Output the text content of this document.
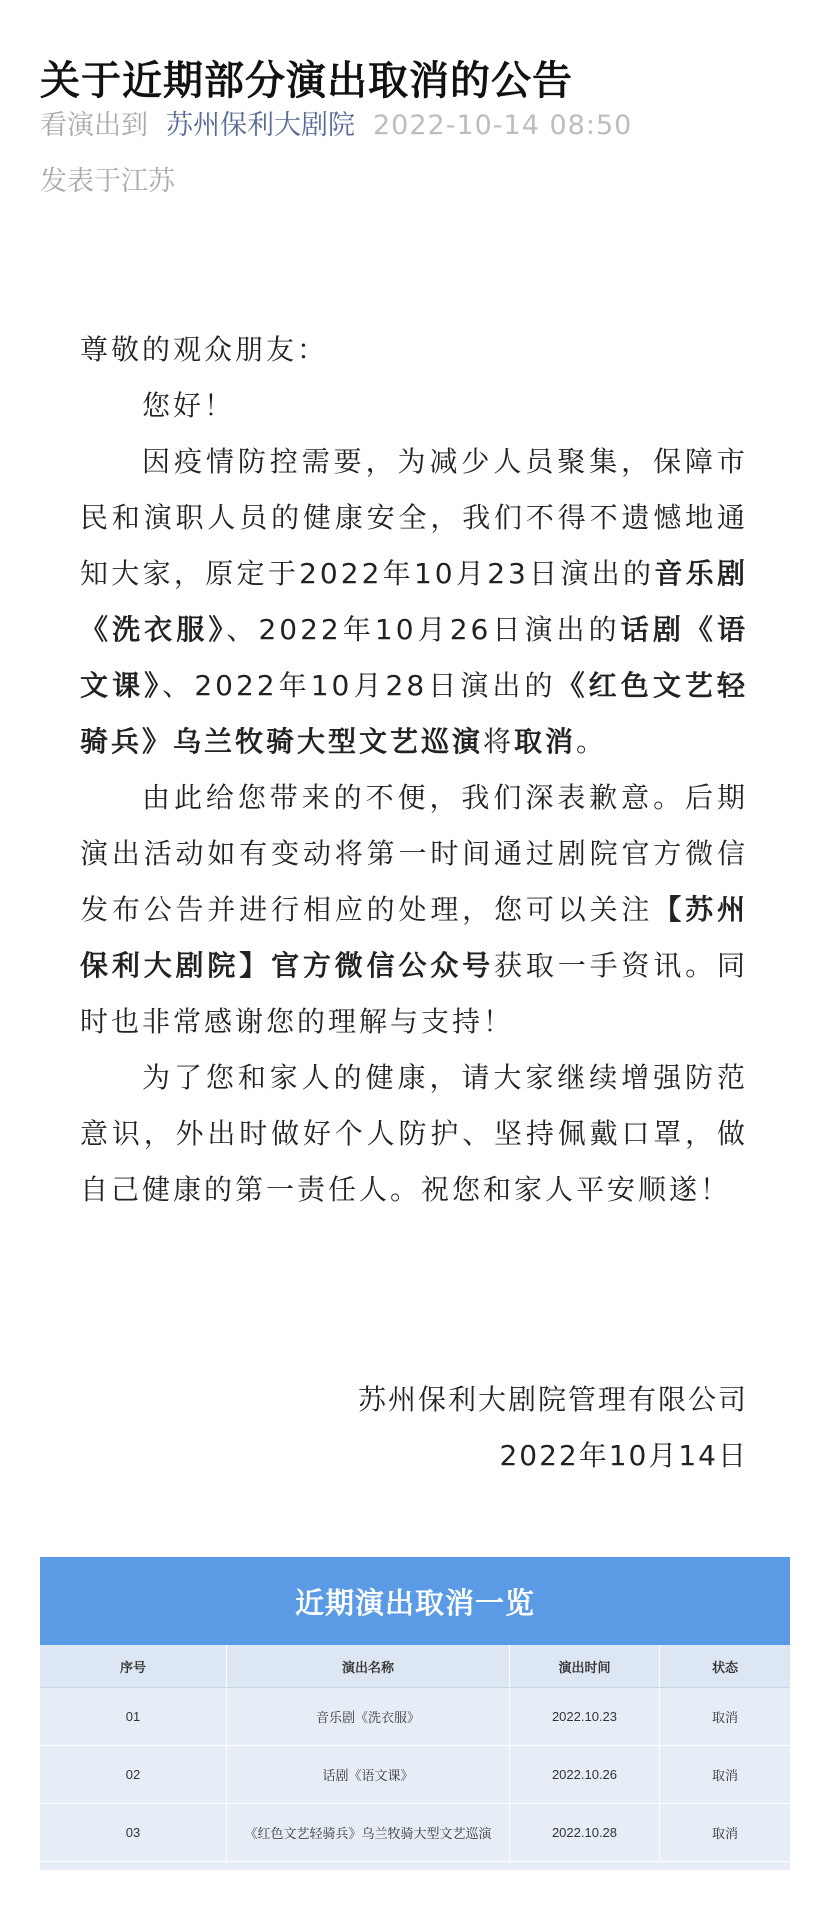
关于近期部分演出取消的公告
看演出到 苏州保利大剧院 2022-10-14 08:50
发表于江苏

尊敬的观众朋友：

您好！

因疫情防控需要，为减少人员聚集，保障市民和演职人员的健康安全，我们不得不遗憾地通知大家，原定于2022年10月23日演出的音乐剧《洗衣服》、2022年10月26日演出的话剧《语文课》、2022年10月28日演出的《红色文艺轻骑兵》乌兰牧骑大型文艺巡演将取消。

由此给您带来的不便，我们深表歉意。后期演出活动如有变动将第一时间通过剧院官方微信发布公告并进行相应的处理，您可以关注【苏州保利大剧院】官方微信公众号获取一手资讯。同时也非常感谢您的理解与支持！

为了您和家人的健康，请大家继续增强防范意识，外出时做好个人防护、坚持佩戴口罩，做自己健康的第一责任人。祝您和家人平安顺遂！

苏州保利大剧院管理有限公司
2022年10月14日
近期演出取消一览
序号	演出名称	演出时间	状态
01	音乐剧《洗衣服》	2022.10.23	取消
02	话剧《语文课》	2022.10.26	取消
03	《红色文艺轻骑兵》乌兰牧骑大型文艺巡演	2022.10.28	取消
